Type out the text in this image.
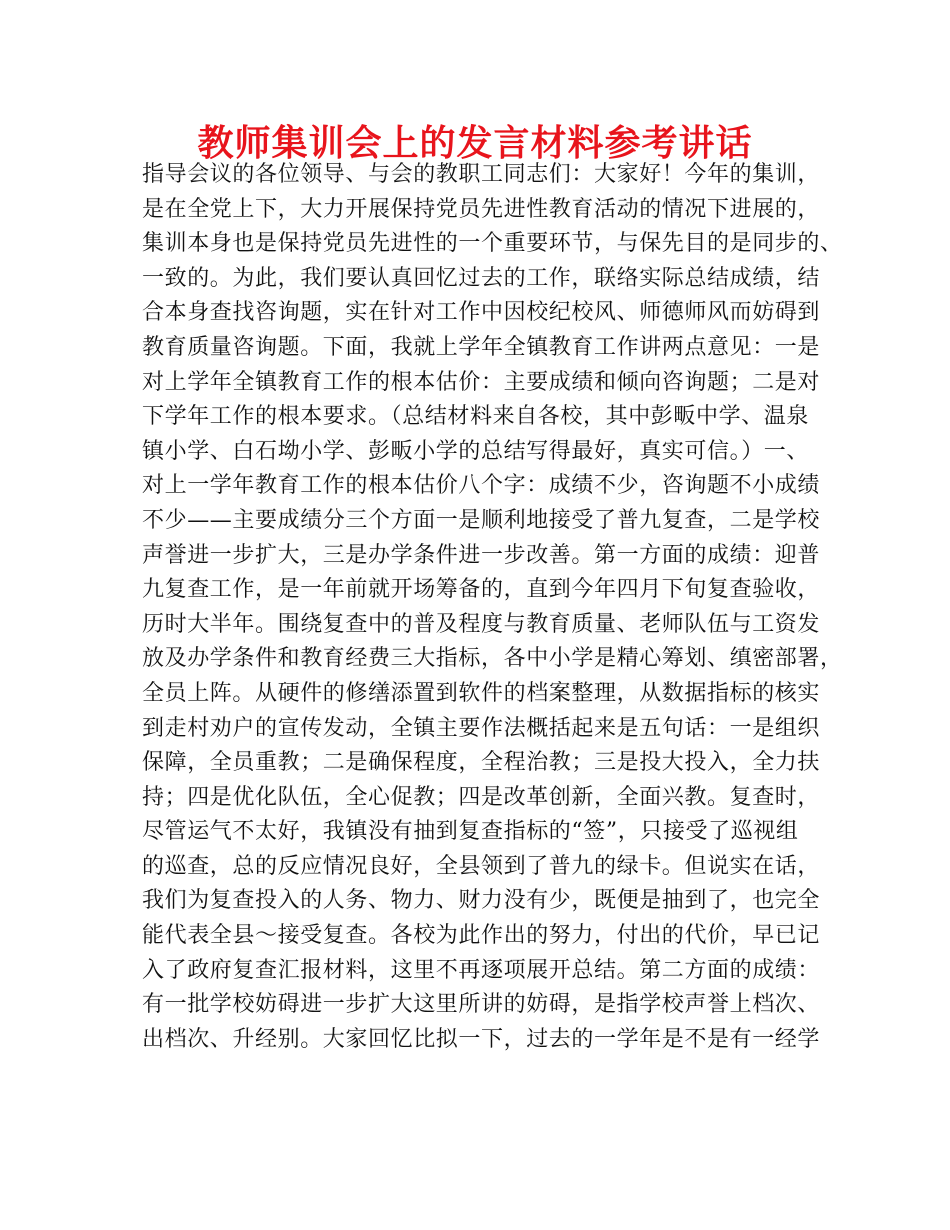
教师集训会上的发言材料参考讲话
指导会议的各位领导、与会的教职工同志们：大家好！今年的集训，
是在全党上下，大力开展保持党员先进性教育活动的情况下进展的，
集训本身也是保持党员先进性的一个重要环节，与保先目的是同步的、
一致的。为此，我们要认真回忆过去的工作，联络实际总结成绩，结
合本身查找咨询题，实在针对工作中因校纪校风、师德师风而妨碍到
教育质量咨询题。下面，我就上学年全镇教育工作讲两点意见：一是
对上学年全镇教育工作的根本估价：主要成绩和倾向咨询题；二是对
下学年工作的根本要求。（总结材料来自各校，其中彭畈中学、温泉
镇小学、白石坳小学、彭畈小学的总结写得最好，真实可信。）一、
对上一学年教育工作的根本估价八个字：成绩不少，咨询题不小成绩
不少——主要成绩分三个方面一是顺利地接受了普九复查，二是学校
声誉进一步扩大，三是办学条件进一步改善。第一方面的成绩：迎普
九复查工作，是一年前就开场筹备的，直到今年四月下旬复查验收，
历时大半年。围绕复查中的普及程度与教育质量、老师队伍与工资发
放及办学条件和教育经费三大指标，各中小学是精心筹划、缜密部署，
全员上阵。从硬件的修缮添置到软件的档案整理，从数据指标的核实
到走村劝户的宣传发动，全镇主要作法概括起来是五句话：一是组织
保障，全员重教；二是确保程度，全程治教；三是投大投入，全力扶
持；四是优化队伍，全心促教；四是改革创新，全面兴教。复查时，
尽管运气不太好，我镇没有抽到复查指标的“签”，只接受了巡视组
的巡查，总的反应情况良好，全县领到了普九的绿卡。但说实在话，
我们为复查投入的人务、物力、财力没有少，既便是抽到了，也完全
能代表全县～接受复查。各校为此作出的努力，付出的代价，早已记
入了政府复查汇报材料，这里不再逐项展开总结。第二方面的成绩：
有一批学校妨碍进一步扩大这里所讲的妨碍，是指学校声誉上档次、
出档次、升经别。大家回忆比拟一下，过去的一学年是不是有一经学
